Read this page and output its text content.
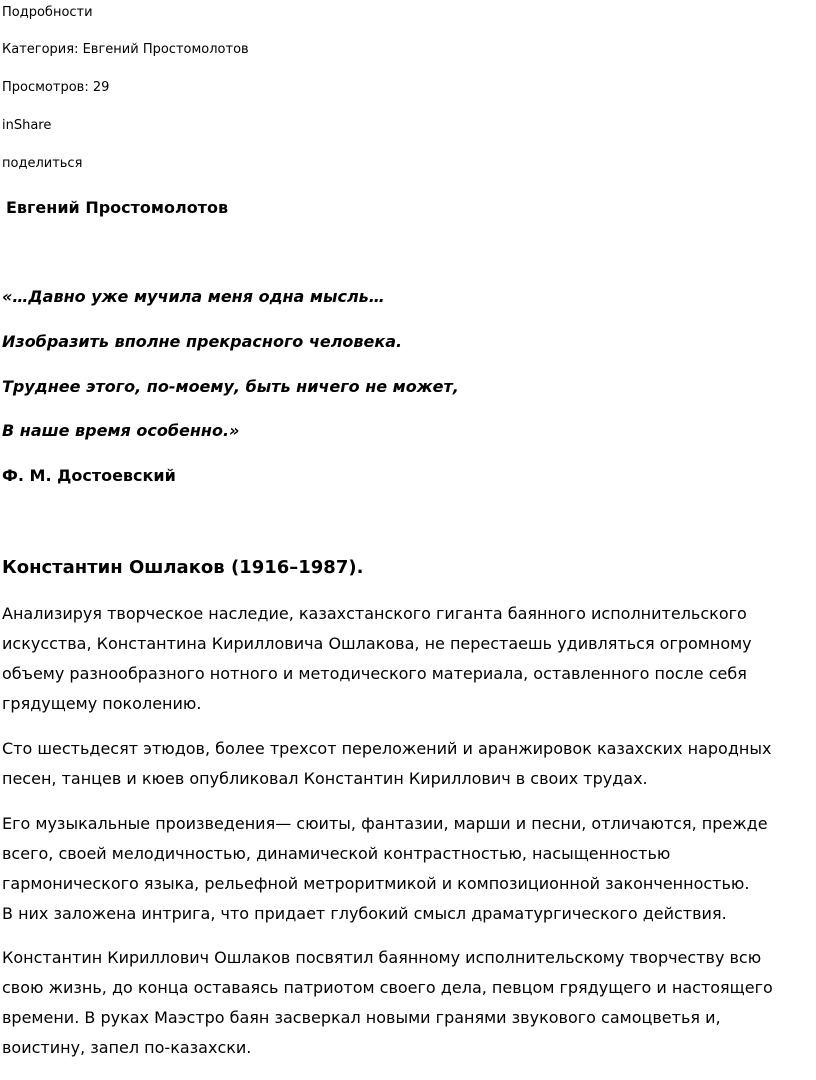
Подробности
Категория: Евгений Простомолотов
Просмотров: 29
inShare
поделиться
Евгений Простомолотов
«…Давно уже мучила меня одна мысль…
Изобразить вполне прекрасного человека.
Труднее этого, по-моему, быть ничего не может,
В наше время особенно.»
Ф. М. Достоевский
Константин Ошлаков (1916–1987).
Анализируя творческое наследие, казахстанского гиганта баянного исполнительского
искусства, Константина Кирилловича Ошлакова, не перестаешь удивляться огромному
объему разнообразного нотного и методического материала, оставленного после себя
грядущему поколению.
Сто шестьдесят этюдов, более трехсот переложений и аранжировок казахских народных
песен, танцев и кюев опубликовал Константин Кириллович в своих трудах.
Его музыкальные произведения— сюиты, фантазии, марши и песни, отличаются, прежде
всего, своей мелодичностью, динамической контрастностью, насыщенностью
гармонического языка, рельефной метроритмикой и композиционной законченностью.
В них заложена интрига, что придает глубокий смысл драматургического действия.
Константин Кириллович Ошлаков посвятил баянному исполнительскому творчеству всю
свою жизнь, до конца оставаясь патриотом своего дела, певцом грядущего и настоящего
времени. В руках Маэстро баян засверкал новыми гранями звукового самоцветья и,
воистину, запел по-казахски.
